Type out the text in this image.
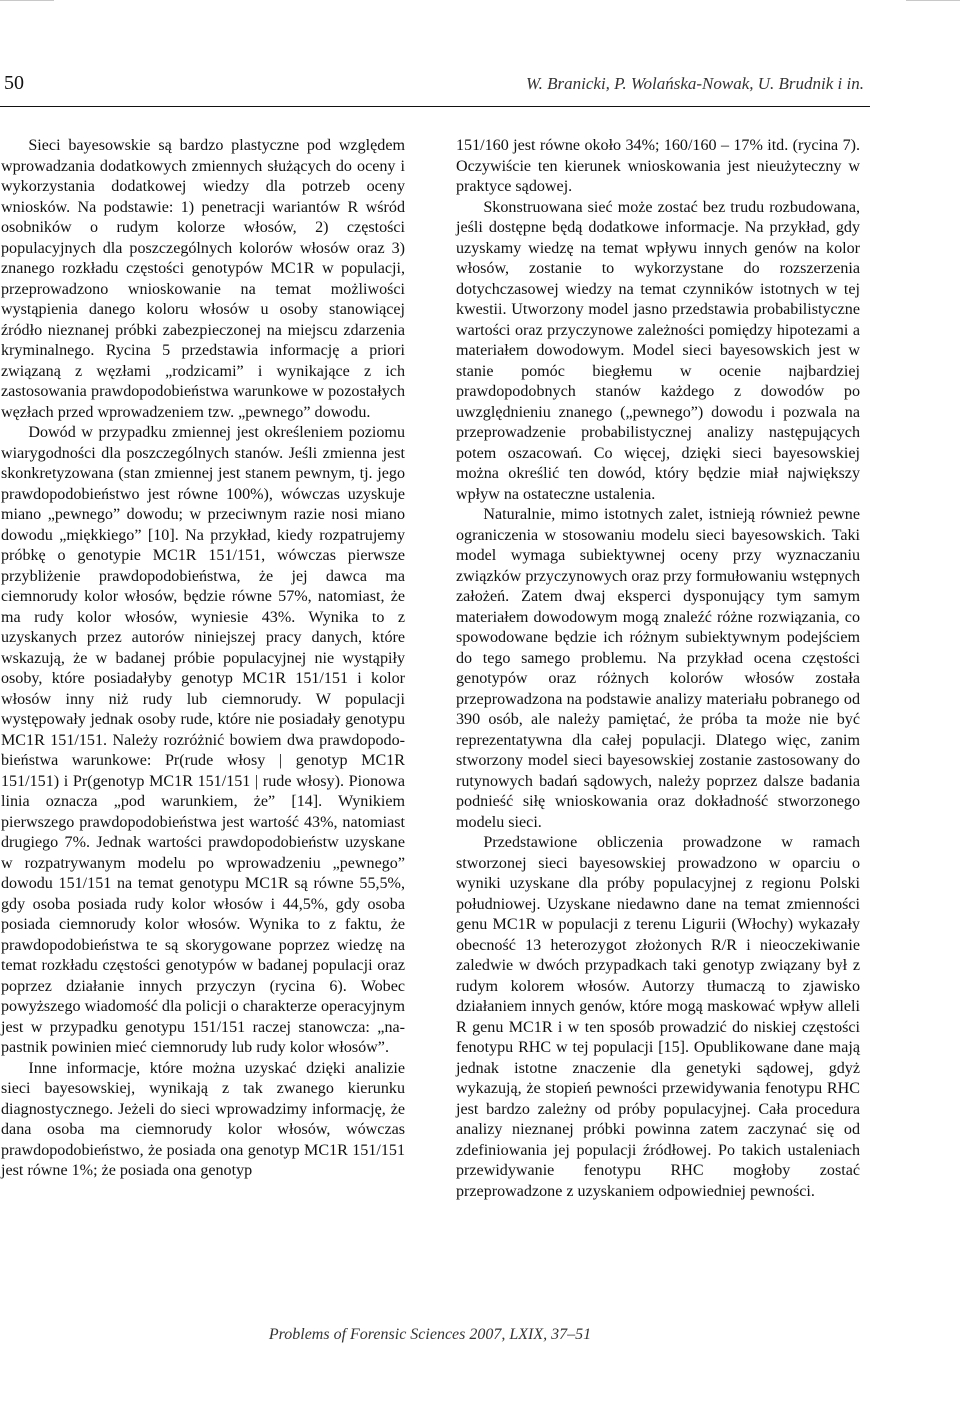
50	W. Branicki, P. Wolańska-Nowak, U. Brudnik i in.

Sieci bayesowskie są bardzo plastyczne pod względem wprowadzania dodatkowych zmiennych służących do oceny i wykorzystania dodatkowej wiedzy dla potrzeb oceny wniosków. Na podstawie: 1) penetracji wariantów R wśród osobników o rudym kolorze włosów, 2) częstości populacyjnych dla poszczególnych kolorów włosów oraz 3) znanego rozkładu częstości genotypów MC1R w populacji, przeprowadzono wnioskowanie na temat możliwości wystąpienia danego koloru włosów u osoby stanowiącej źródło nieznanej próbki zabezpieczonej na miejscu zdarzenia kryminalnego. Rycina 5 przedstawia informację a priori związaną z węzłami „rodzicami” i wynikające z ich zastosowania prawdopodobieństwa warunkowe w pozostałych węzłach przed wprowadzeniem tzw. „pewnego” dowodu.

Dowód w przypadku zmiennej jest określeniem poziomu wiarygodności dla poszczególnych stanów. Jeśli zmienna jest skonkretyzowana (stan zmiennej jest stanem pewnym, tj. jego prawdopodobieństwo jest równe 100%), wówczas uzyskuje miano „pewnego” dowodu; w przeciwnym razie nosi miano dowodu „miękkiego” [10]. Na przykład, kiedy rozpatrujemy próbkę o genotypie MC1R 151/151, wówczas pierwsze przybliżenie prawdopodobieństwa, że jej dawca ma ciemnorudy kolor włosów, będzie równe 57%, natomiast, że ma rudy kolor włosów, wyniesie 43%. Wynika to z uzyskanych przez autorów niniejszej pracy danych, które wskazują, że w badanej próbie populacyjnej nie wystąpiły osoby, które posiadałyby genotyp MC1R 151/151 i kolor włosów inny niż rudy lub ciemnorudy. W populacji występowały jednak osoby rude, które nie posiadały genotypu MC1R 151/151. Należy rozróżnić bowiem dwa prawdopodobieństwa warunkowe: Pr(rude włosy | genotyp MC1R 151/151) i Pr(genotyp MC1R 151/151 | rude włosy). Pionowa linia oznacza „pod warunkiem, że” [14]. Wynikiem pierwszego prawdopodobieństwa jest wartość 43%, natomiast drugiego 7%. Jednak wartości prawdopodobieństw uzyskane w rozpatrywanym modelu po wprowadzeniu „pewnego” dowodu 151/151 na temat genotypu MC1R są równe 55,5%, gdy osoba posiada rudy kolor włosów i 44,5%, gdy osoba posiada ciemnorudy kolor włosów. Wynika to z faktu, że prawdopodobieństwa te są skorygowane poprzez wiedzę na temat rozkładu częstości genotypów w badanej populacji oraz poprzez działanie innych przyczyn (rycina 6). Wobec powyższego wiadomość dla policji o charakterze operacyjnym jest w przypadku genotypu 151/151 raczej stanowcza: „napastnik powinien mieć ciemnorudy lub rudy kolor włosów”.

Inne informacje, które można uzyskać dzięki analizie sieci bayesowskiej, wynikają z tak zwanego kierunku diagnostycznego. Jeżeli do sieci wprowadzimy informację, że dana osoba ma ciemnorudy kolor włosów, wówczas prawdopodobieństwo, że posiada ona genotyp MC1R 151/151 jest równe 1%; że posiada ona genotyp

151/160 jest równe około 34%; 160/160 – 17% itd. (rycina 7). Oczywiście ten kierunek wnioskowania jest nieużyteczny w praktyce sądowej.

Skonstruowana sieć może zostać bez trudu rozbudowana, jeśli dostępne będą dodatkowe informacje. Na przykład, gdy uzyskamy wiedzę na temat wpływu innych genów na kolor włosów, zostanie to wykorzystane do rozszerzenia dotychczasowej wiedzy na temat czynników istotnych w tej kwestii. Utworzony model jasno przedstawia probabilistyczne wartości oraz przyczynowe zależności pomiędzy hipotezami a materiałem dowodowym. Model sieci bayesowskich jest w stanie pomóc biegłemu w ocenie najbardziej prawdopodobnych stanów każdego z dowodów po uwzględnieniu znanego („pewnego”) dowodu i pozwala na przeprowadzenie probabilistycznej analizy następujących potem oszacowań. Co więcej, dzięki sieci bayesowskiej można określić ten dowód, który będzie miał największy wpływ na ostateczne ustalenia.

Naturalnie, mimo istotnych zalet, istnieją również pewne ograniczenia w stosowaniu modelu sieci bayesowskich. Taki model wymaga subiektywnej oceny przy wyznaczaniu związków przyczynowych oraz przy formułowaniu wstępnych założeń. Zatem dwaj eksperci dysponujący tym samym materiałem dowodowym mogą znaleźć różne rozwiązania, co spowodowane będzie ich różnym subiektywnym podejściem do tego samego problemu. Na przykład ocena częstości genotypów oraz różnych kolorów włosów została przeprowadzona na podstawie analizy materiału pobranego od 390 osób, ale należy pamiętać, że próba ta może nie być reprezentatywna dla całej populacji. Dlatego więc, zanim stworzony model sieci bayesowskiej zostanie zastosowany do rutynowych badań sądowych, należy poprzez dalsze badania podnieść siłę wnioskowania oraz dokładność stworzonego modelu sieci.

Przedstawione obliczenia prowadzone w ramach stworzonej sieci bayesowskiej prowadzono w oparciu o wyniki uzyskane dla próby populacyjnej z regionu Polski południowej. Uzyskane niedawno dane na temat zmienności genu MC1R w populacji z terenu Ligurii (Włochy) wykazały obecność 13 heterozygot złożonych R/R i nieoczekiwanie zaledwie w dwóch przypadkach taki genotyp związany był z rudym kolorem włosów. Autorzy tłumaczą to zjawisko działaniem innych genów, które mogą maskować wpływ alleli R genu MC1R i w ten sposób prowadzić do niskiej częstości fenotypu RHC w tej populacji [15]. Opublikowane dane mają jednak istotne znaczenie dla genetyki sądowej, gdyż wykazują, że stopień pewności przewidywania fenotypu RHC jest bardzo zależny od próby populacyjnej. Cała procedura analizy nieznanej próbki powinna zatem zaczynać się od zdefiniowania jej populacji źródłowej. Po takich ustaleniach przewidywanie fenotypu RHC mogłoby zostać przeprowadzone z uzyskaniem odpowiedniej pewności.

Problems of Forensic Sciences 2007, LXIX, 37–51
